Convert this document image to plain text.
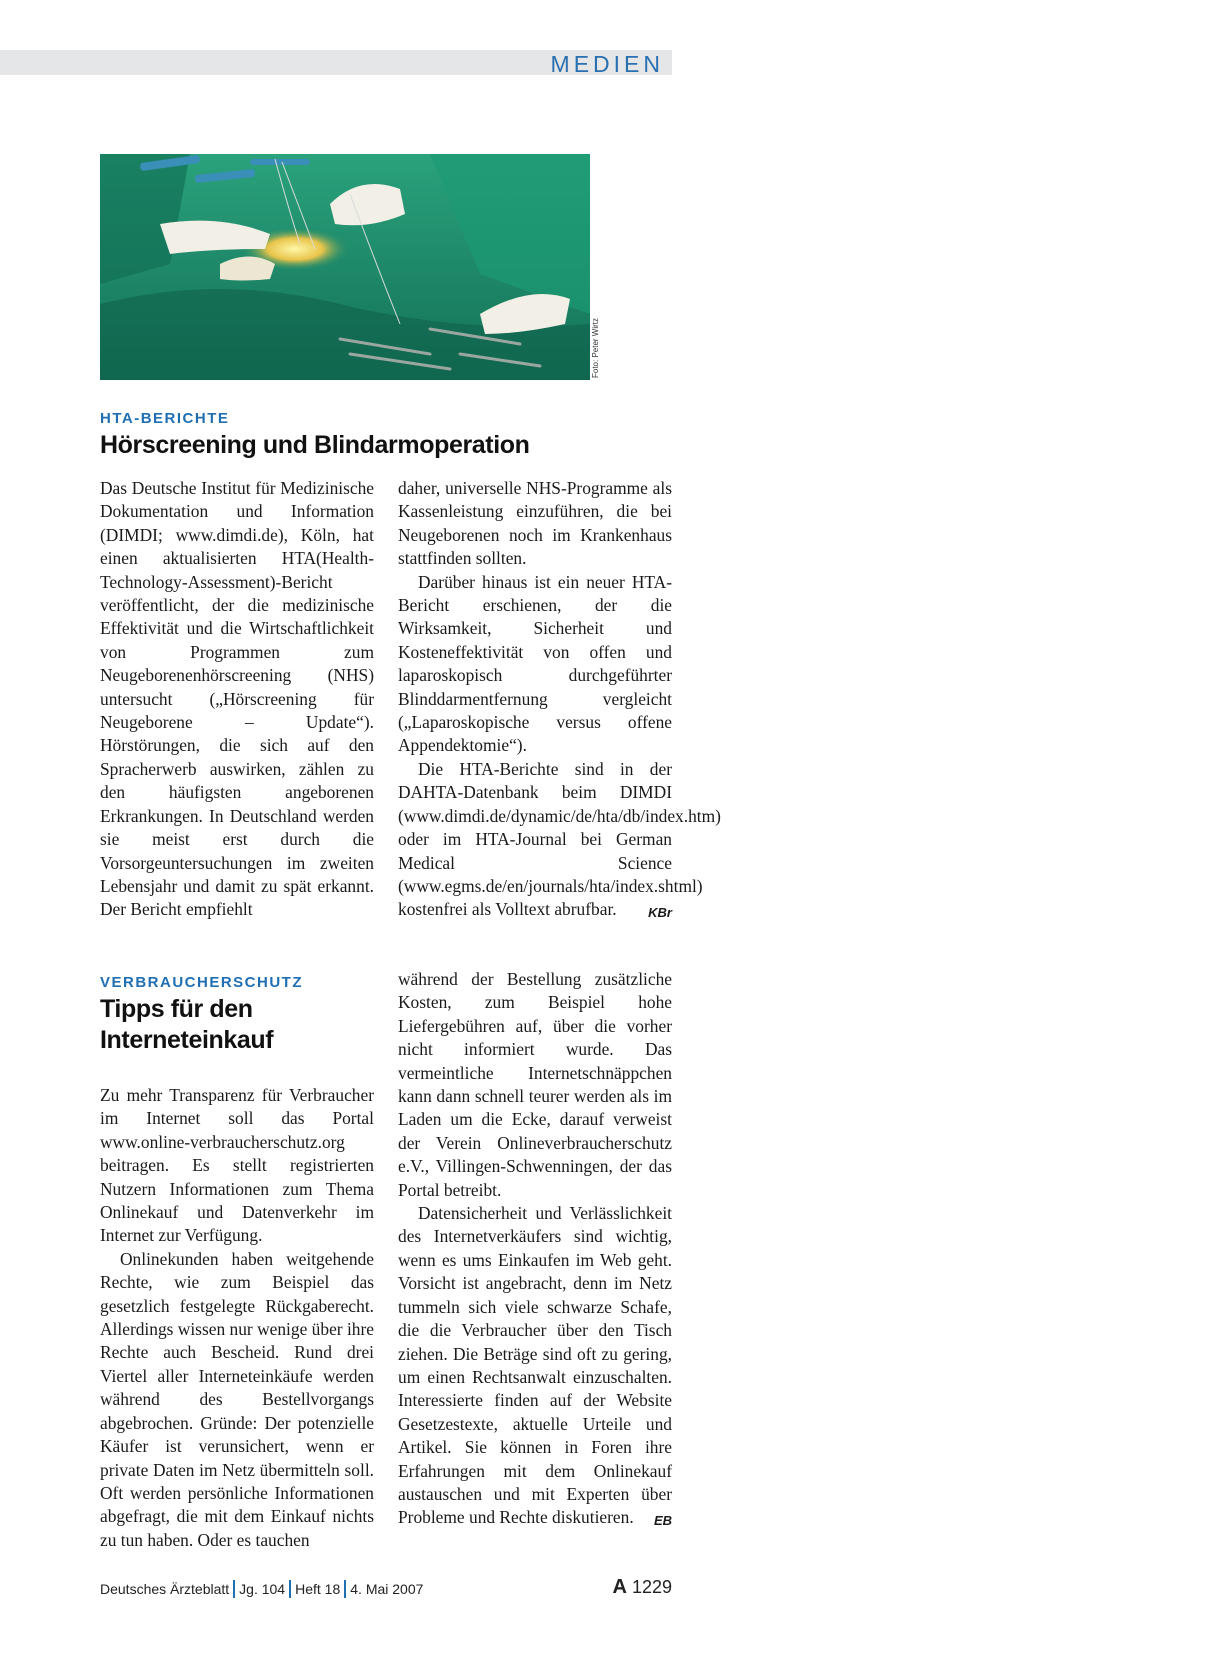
MEDIEN
Foto: Peter Wirtz
HTA-BERICHTE
Hörscreening und Blindarmoperation

Das Deutsche Institut für Medizinische Dokumentation und Information (DIMDI; www.dimdi.de), Köln, hat einen aktualisierten HTA(Health-Technology-Assessment)-Bericht veröffentlicht, der die medizinische Effektivität und die Wirtschaftlichkeit von Programmen zum Neugeborenenhörscreening (NHS) untersucht („Hörscreening für Neugeborene – Update“). Hörstörungen, die sich auf den Spracherwerb auswirken, zählen zu den häufigsten angeborenen Erkrankungen. In Deutschland werden sie meist erst durch die Vorsorgeuntersuchungen im zweiten Lebensjahr und damit zu spät erkannt. Der Bericht empfiehlt

daher, universelle NHS-Programme als Kassenleistung einzuführen, die bei Neugeborenen noch im Krankenhaus stattfinden sollten.

Darüber hinaus ist ein neuer HTA-Bericht erschienen, der die Wirksamkeit, Sicherheit und Kosteneffektivität von offen und laparoskopisch durchgeführter Blinddarmentfernung vergleicht („Laparoskopische versus offene Appendektomie“).

Die HTA-Berichte sind in der DAHTA-Datenbank beim DIMDI (www.dimdi.de/dynamic/de/hta/db/index.htm) oder im HTA-Journal bei German Medical Science (www.egms.de/en/journals/hta/index.shtml) kostenfrei als Volltext abrufbar.	KBr

VERBRAUCHERSCHUTZ
Tipps für den
Interneteinkauf

Zu mehr Transparenz für Verbraucher im Internet soll das Portal www.online-verbraucherschutz.org beitragen. Es stellt registrierten Nutzern Informationen zum Thema Onlinekauf und Datenverkehr im Internet zur Verfügung.

Onlinekunden haben weitgehende Rechte, wie zum Beispiel das gesetzlich festgelegte Rückgaberecht. Allerdings wissen nur wenige über ihre Rechte auch Bescheid. Rund drei Viertel aller Interneteinkäufe werden während des Bestellvorgangs abgebrochen. Gründe: Der potenzielle Käufer ist verunsichert, wenn er private Daten im Netz übermitteln soll. Oft werden persönliche Informationen abgefragt, die mit dem Einkauf nichts zu tun haben. Oder es tauchen

während der Bestellung zusätzliche Kosten, zum Beispiel hohe Liefergebühren auf, über die vorher nicht informiert wurde. Das vermeintliche Internetschnäppchen kann dann schnell teurer werden als im Laden um die Ecke, darauf verweist der Verein Onlineverbraucherschutz e.V., Villingen-Schwenningen, der das Portal betreibt.

Datensicherheit und Verlässlichkeit des Internetverkäufers sind wichtig, wenn es ums Einkaufen im Web geht. Vorsicht ist angebracht, denn im Netz tummeln sich viele schwarze Schafe, die die Verbraucher über den Tisch ziehen. Die Beträge sind oft zu gering, um einen Rechtsanwalt einzuschalten. Interessierte finden auf der Website Gesetzestexte, aktuelle Urteile und Artikel. Sie können in Foren ihre Erfahrungen mit dem Onlinekauf austauschen und mit Experten über Probleme und Rechte diskutieren.	EB

Deutsches Ärzteblatt Jg. 104 Heft 18 4. Mai 2007	A 1229
